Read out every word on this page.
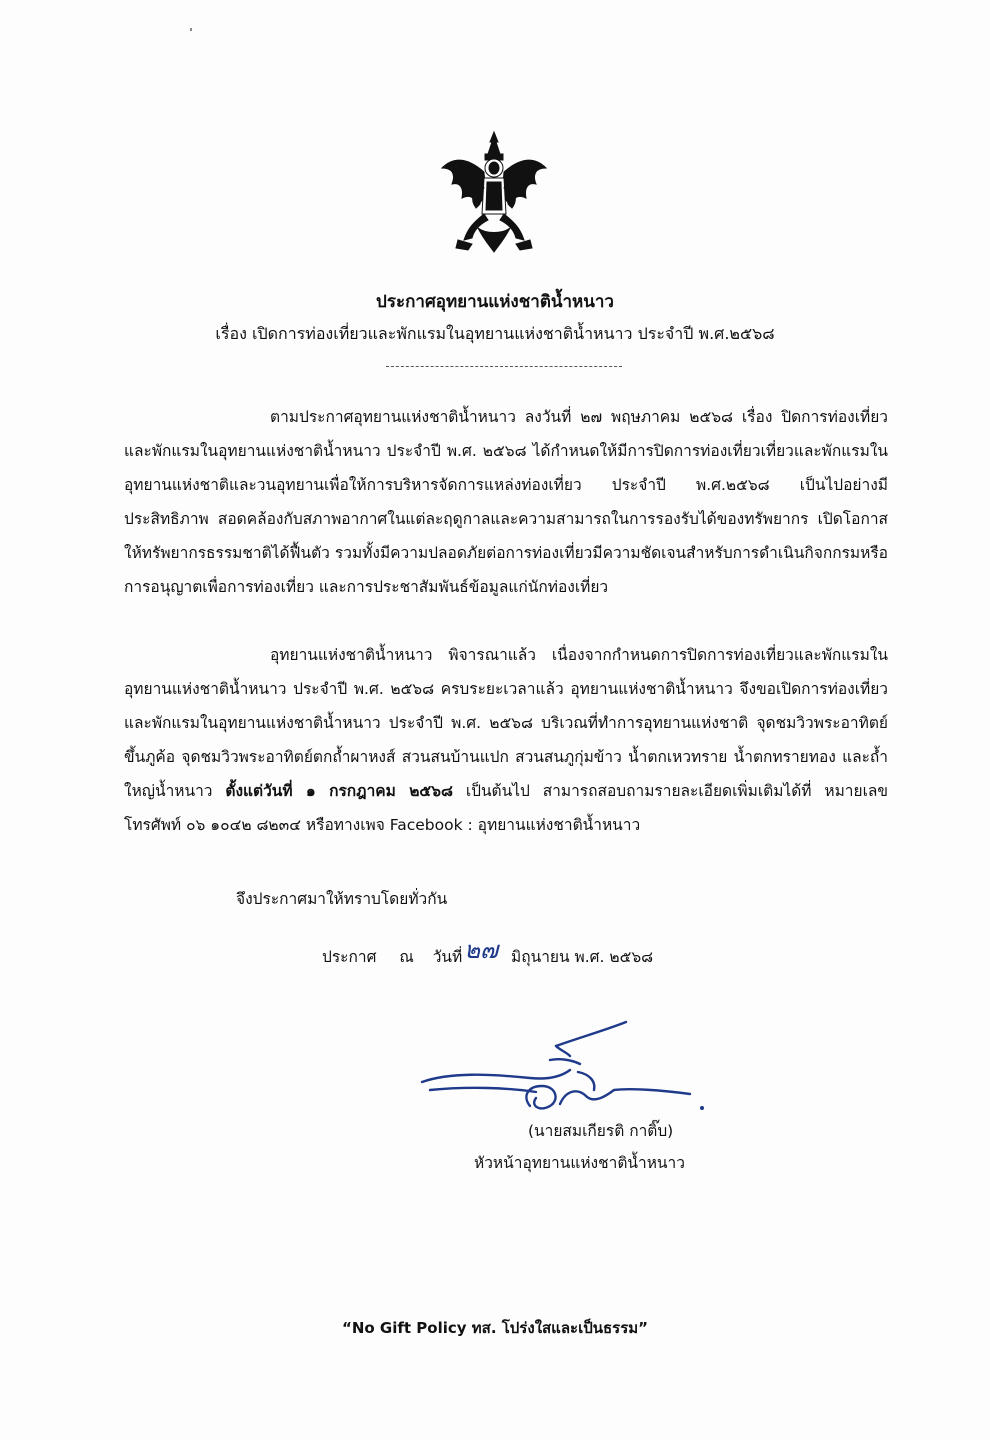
ประกาศอุทยานแห่งชาติน้ำหนาว
เรื่อง เปิดการท่องเที่ยวและพักแรมในอุทยานแห่งชาติน้ำหนาว ประจำปี พ.ศ.๒๕๖๘

ตามประกาศอุทยานแห่งชาติน้ำหนาว ลงวันที่ ๒๗ พฤษภาคม ๒๕๖๘ เรื่อง ปิดการท่องเที่ยวและพักแรมในอุทยานแห่งชาติน้ำหนาว ประจำปี พ.ศ. ๒๕๖๘ ได้กำหนดให้มีการปิดการท่องเที่ยวเที่ยวและพักแรมในอุทยานแห่งชาติและวนอุทยานเพื่อให้การบริหารจัดการแหล่งท่องเที่ยว ประจำปี พ.ศ.๒๕๖๘ เป็นไปอย่างมีประสิทธิภาพ สอดคล้องกับสภาพอากาศในแต่ละฤดูกาลและความสามารถในการรองรับได้ของทรัพยากร เปิดโอกาสให้ทรัพยากรธรรมชาติได้ฟื้นตัว รวมทั้งมีความปลอดภัยต่อการท่องเที่ยวมีความชัดเจนสำหรับการดำเนินกิจกกรมหรือการอนุญาตเพื่อการท่องเที่ยว และการประชาสัมพันธ์ข้อมูลแก่นักท่องเที่ยว

อุทยานแห่งชาติน้ำหนาว พิจารณาแล้ว เนื่องจากกำหนดการปิดการท่องเที่ยวและพักแรมในอุทยานแห่งชาติน้ำหนาว ประจำปี พ.ศ. ๒๕๖๘ ครบระยะเวลาแล้ว อุทยานแห่งชาติน้ำหนาว จึงขอเปิดการท่องเที่ยว และพักแรมในอุทยานแห่งชาติน้ำหนาว ประจำปี พ.ศ. ๒๕๖๘ บริเวณที่ทำการอุทยานแห่งชาติ จุดชมวิวพระอาทิตย์ขึ้นภูค้อ จุดชมวิวพระอาทิตย์ตกถ้ำผาหงส์ สวนสนบ้านแปก สวนสนภูกุ่มข้าว น้ำตกเหวทราย น้ำตกทรายทอง และถ้ำใหญ่น้ำหนาว ตั้งแต่วันที่ ๑ กรกฎาคม ๒๕๖๘ เป็นต้นไป สามารถสอบถามรายละเอียดเพิ่มเติมได้ที่ หมายเลขโทรศัพท์ ๐๖ ๑๐๔๒ ๘๒๓๔ หรือทางเพจ Facebook : อุทยานแห่งชาติน้ำหนาว

จึงประกาศมาให้ทราบโดยทั่วกัน
ประกาศ ณ วันที่๒๗ มิถุนายน พ.ศ. ๒๕๖๘
(นายสมเกียรติ กาติ๊บ)
หัวหน้าอุทยานแห่งชาติน้ำหนาว
“No Gift Policy ทส. โปร่งใสและเป็นธรรม”
